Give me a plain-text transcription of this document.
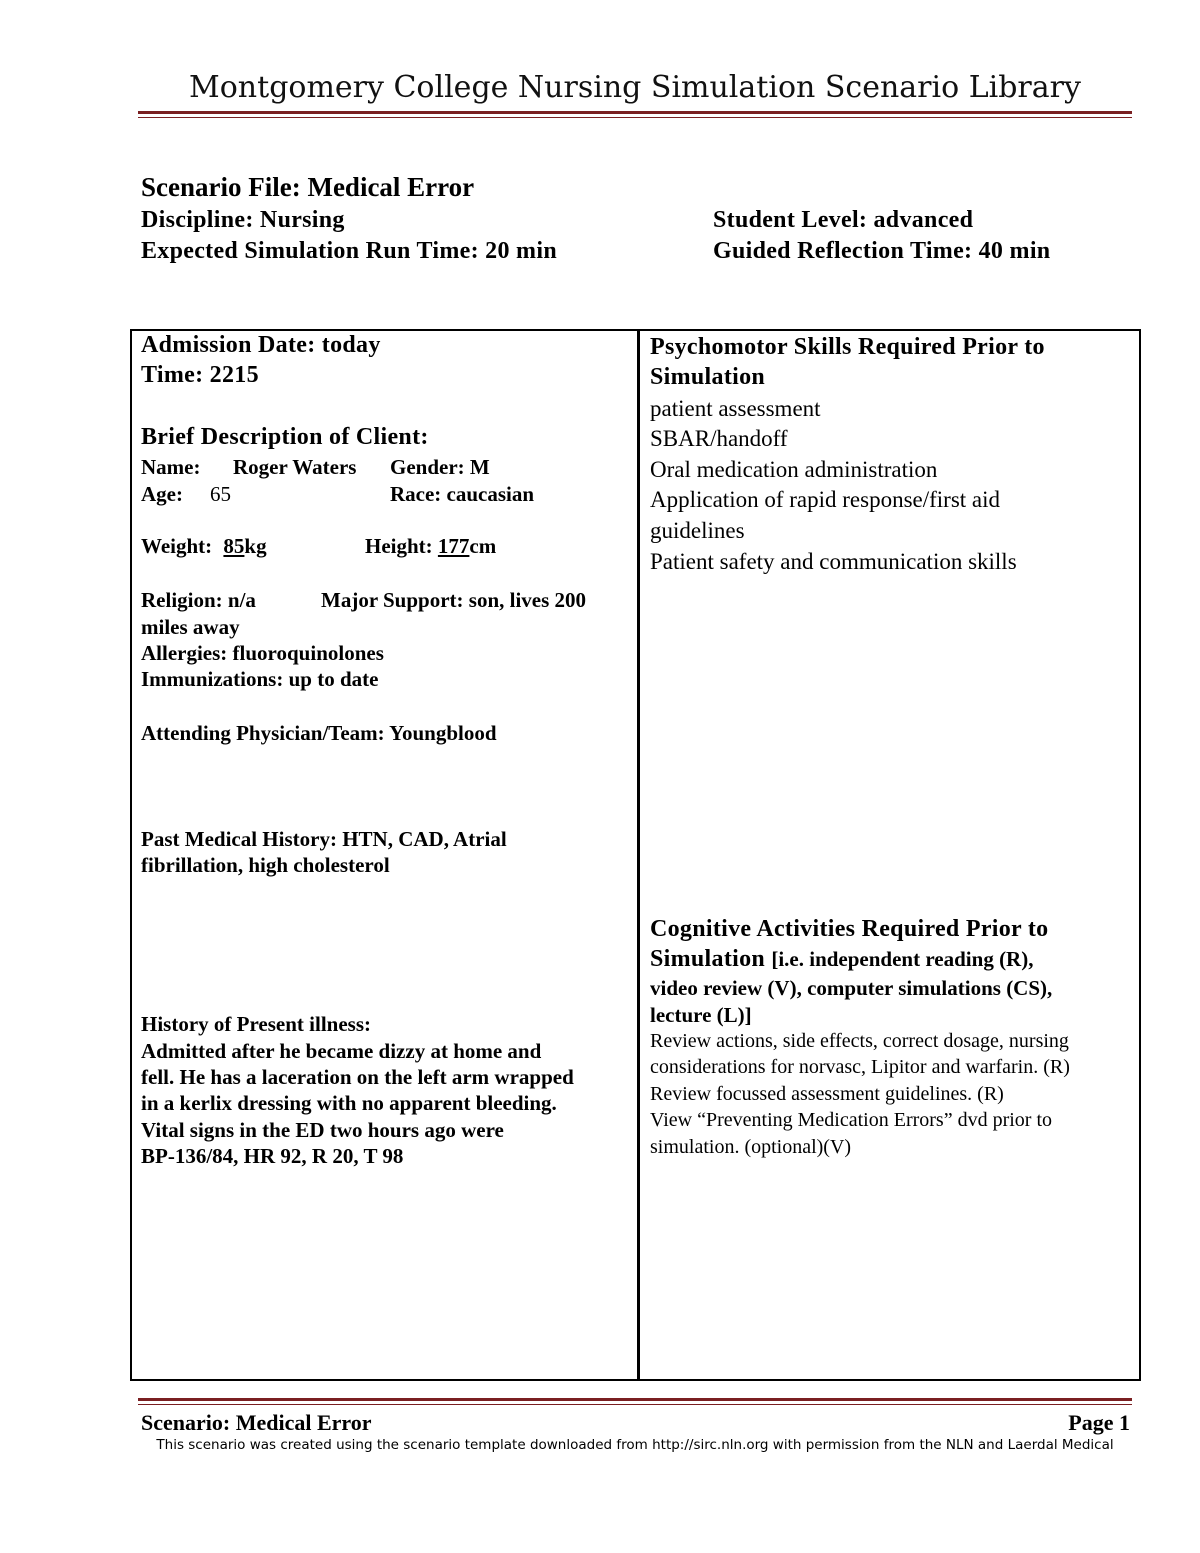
Montgomery College Nursing Simulation Scenario Library
Scenario File: Medical Error
Discipline: Nursing	Student Level: advanced
Expected Simulation Run Time: 20 min	Guided Reflection Time: 40 min
Admission Date: today
Time: 2215
Brief Description of Client:
Name:	Roger Waters	Gender: M
Age:	65	Race: caucasian
Weight: 85kg	Height: 177cm
Religion: n/a	Major Support: son, lives 200
miles away
Allergies: fluoroquinolones
Immunizations: up to date
Attending Physician/Team: Youngblood
Past Medical History: HTN, CAD, Atrial
fibrillation, high cholesterol
History of Present illness:
Admitted after he became dizzy at home and
fell. He has a laceration on the left arm wrapped
in a kerlix dressing with no apparent bleeding.
Vital signs in the ED two hours ago were
BP-136/84, HR 92, R 20, T 98
Psychomotor Skills Required Prior to
Simulation
patient assessment
SBAR/handoff
Oral medication administration
Application of rapid response/first aid
guidelines
Patient safety and communication skills
Cognitive Activities Required Prior to
Simulation [i.e. independent reading (R),
video review (V), computer simulations (CS),
lecture (L)]
Review actions, side effects, correct dosage, nursing
considerations for norvasc, Lipitor and warfarin. (R)
Review focussed assessment guidelines. (R)
View “Preventing Medication Errors” dvd prior to
simulation. (optional)(V)
Scenario: Medical Error	Page 1
This scenario was created using the scenario template downloaded from http://sirc.nln.org with permission from the NLN and Laerdal Medical
